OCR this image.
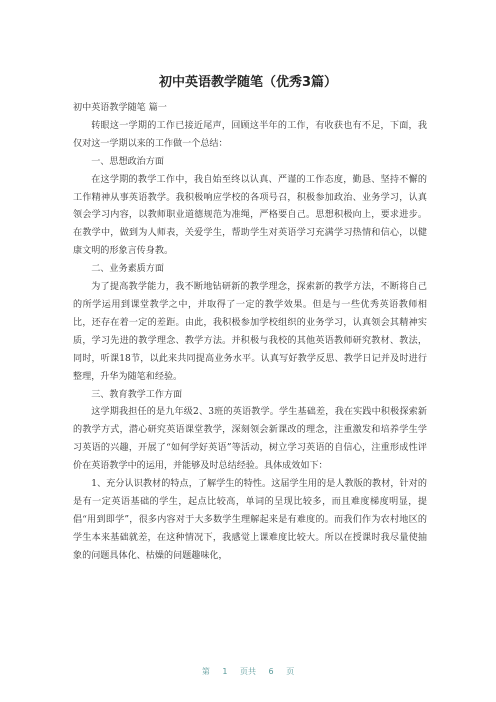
初中英语教学随笔（优秀3篇）

初中英语教学随笔 篇一

转眼这一学期的工作已接近尾声，回顾这半年的工作，有收获也有不足，下面，我仅对这一学期以来的工作做一个总结：

一、思想政治方面

在这学期的教学工作中，我自始至终以认真、严谨的工作态度，勤恳、坚持不懈的工作精神从事英语教学。我积极响应学校的各项号召，积极参加政治、业务学习，认真领会学习内容，以教师职业道德规范为准绳，严格要自己。思想积极向上，要求进步。在教学中，做到为人师表，关爱学生，帮助学生对英语学习充满学习热情和信心，以健康文明的形象言传身教。

二、业务素质方面

为了提高教学能力，我不断地钻研新的教学理念，探索新的教学方法，不断将自己的所学运用到课堂教学之中，并取得了一定的教学效果。但是与一些优秀英语教师相比，还存在着一定的差距。由此，我积极参加学校组织的业务学习，认真领会其精神实质，学习先进的教学理念、教学方法。并积极与我校的其他英语教师研究教材、教法，同时，听课18节，以此来共同提高业务水平。认真写好教学反思、教学日记并及时进行整理，升华为随笔和经验。

三、教育教学工作方面

这学期我担任的是九年级2、3班的英语教学。学生基础差，我在实践中积极探索新的教学方式，潜心研究英语课堂教学，深刻领会新课改的理念，注重激发和培养学生学习英语的兴趣，开展了“如何学好英语”等活动，树立学习英语的自信心，注重形成性评价在英语教学中的运用，并能够及时总结经验。具体成效如下：

1、充分认识教材的特点，了解学生的特性。这届学生用的是人教版的教材，针对的是有一定英语基础的学生，起点比较高，单词的呈现比较多，而且难度梯度明显，提倡“用到即学”，很多内容对于大多数学生理解起来是有难度的。而我们作为农村地区的学生本来基础就差，在这种情况下，我感觉上课难度比较大。所以在授课时我尽量使抽象的问题具体化、枯燥的问题趣味化，

第 1 页共 6 页
